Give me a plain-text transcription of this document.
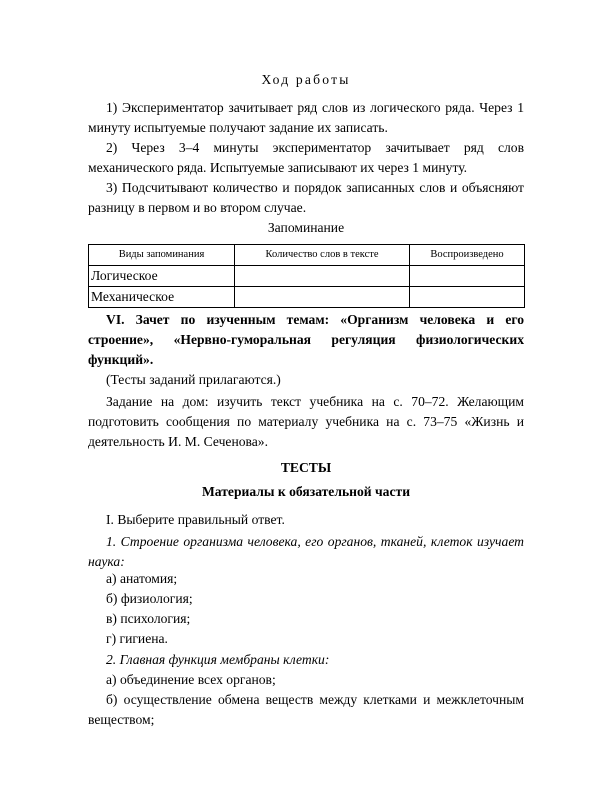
Ход работы
1) Экспериментатор зачитывает ряд слов из логического ряда. Через 1 минуту испытуемые получают задание их записать.
2) Через 3–4 минуты экспериментатор зачитывает ряд слов механического ряда. Испытуемые записывают их через 1 минуту.
3) Подсчитывают количество и порядок записанных слов и объясняют разницу в первом и во втором случае.
Запоминание
Виды запоминания	Количество слов в тексте	Воспроизведено
Логическое		
Механическое		
VI. Зачет по изученным темам: «Организм человека и его строение», «Нервно-гуморальная регуляция физиологических функций».
(Тесты заданий прилагаются.)
Задание на дом: изучить текст учебника на с. 70–72. Желающим подготовить сообщения по материалу учебника на с. 73–75 «Жизнь и деятельность И. М. Сеченова».
ТЕСТЫ
Материалы к обязательной части
I. Выберите правильный ответ.
1. Строение организма человека, его органов, тканей, клеток изучает наука:
а) анатомия;
б) физиология;
в) психология;
г) гигиена.
2. Главная функция мембраны клетки:
а) объединение всех органов;
б) осуществление обмена веществ между клетками и межклеточным веществом;
